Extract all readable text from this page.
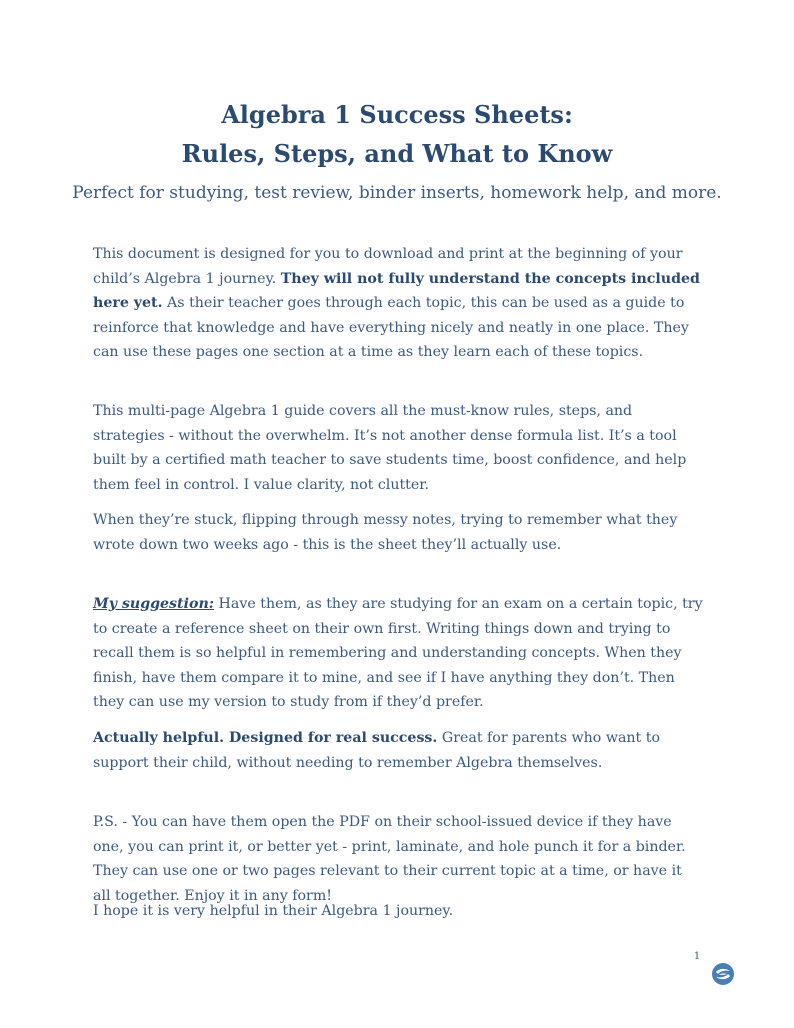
Algebra 1 Success Sheets:
Rules, Steps, and What to Know

Perfect for studying, test review, binder inserts, homework help, and more.

This document is designed for you to download and print at the beginning of your child’s Algebra 1 journey. They will not fully understand the concepts included here yet. As their teacher goes through each topic, this can be used as a guide to reinforce that knowledge and have everything nicely and neatly in one place. They can use these pages one section at a time as they learn each of these topics.

This multi-page Algebra 1 guide covers all the must-know rules, steps, and strategies - without the overwhelm. It’s not another dense formula list. It’s a tool built by a certified math teacher to save students time, boost confidence, and help them feel in control. I value clarity, not clutter.

When they’re stuck, flipping through messy notes, trying to remember what they wrote down two weeks ago - this is the sheet they’ll actually use.

My suggestion: Have them, as they are studying for an exam on a certain topic, try to create a reference sheet on their own first. Writing things down and trying to recall them is so helpful in remembering and understanding concepts. When they finish, have them compare it to mine, and see if I have anything they don’t. Then they can use my version to study from if they’d prefer.

Actually helpful. Designed for real success. Great for parents who want to support their child, without needing to remember Algebra themselves.

P.S. - You can have them open the PDF on their school-issued device if they have one, you can print it, or better yet - print, laminate, and hole punch it for a binder. They can use one or two pages relevant to their current topic at a time, or have it all together. Enjoy it in any form!

I hope it is very helpful in their Algebra 1 journey.

1
